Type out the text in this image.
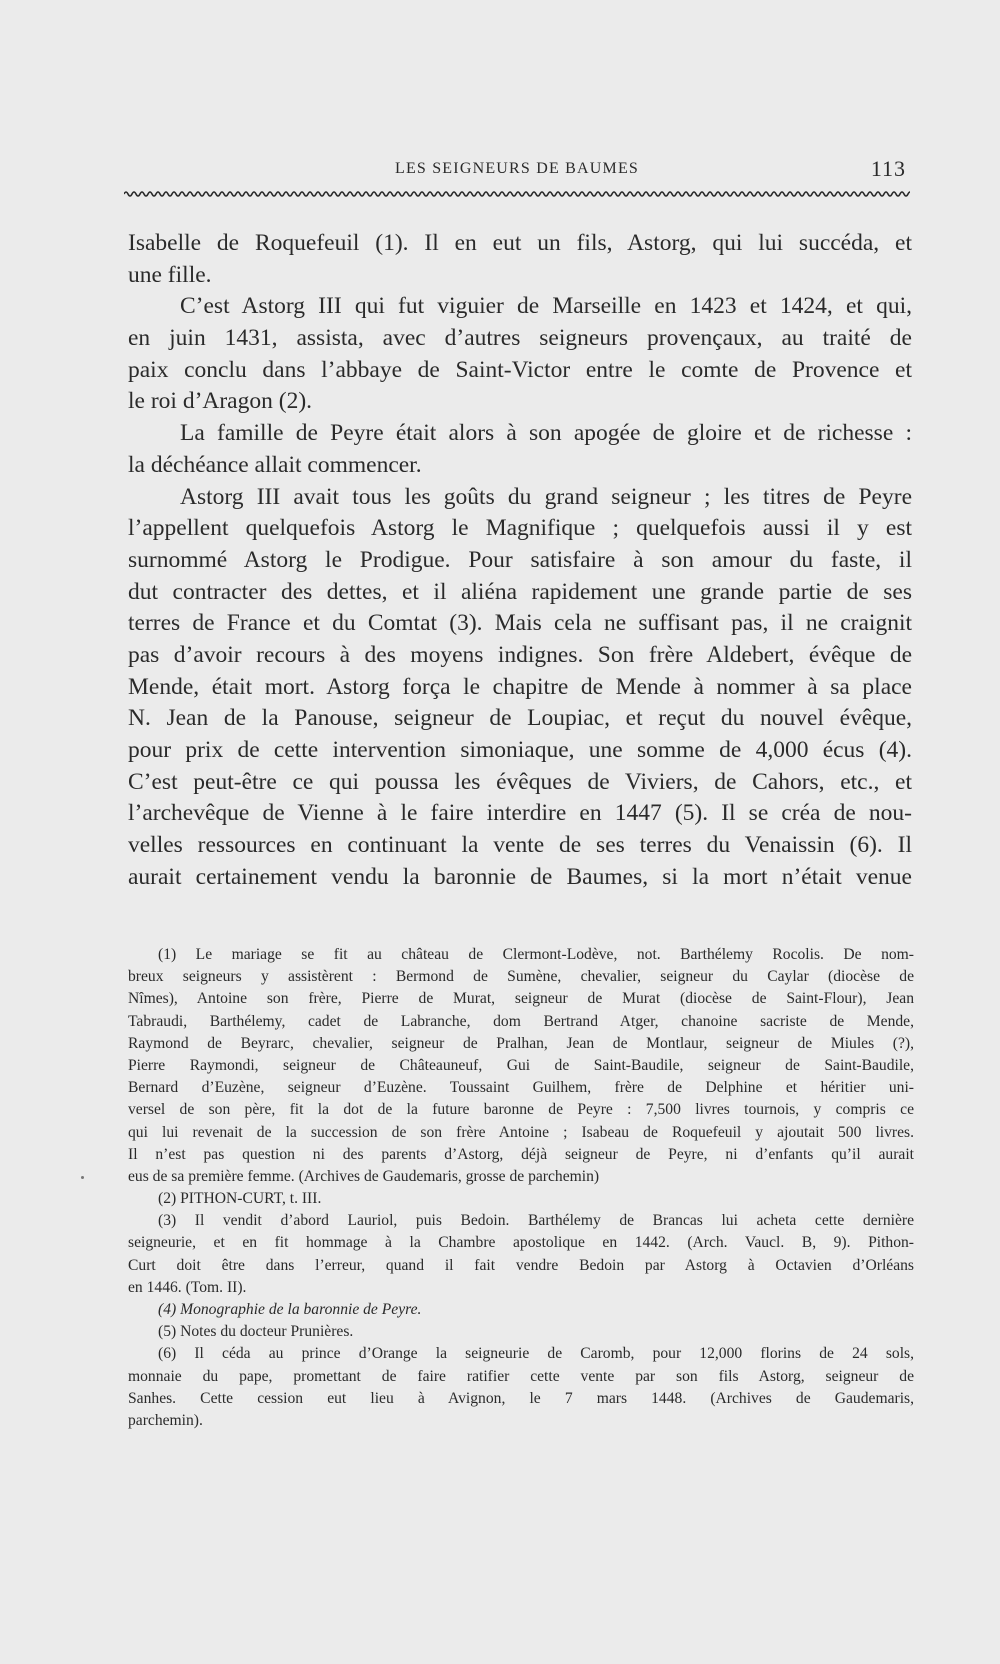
LES SEIGNEURS DE BAUMES	113
Isabelle de Roquefeuil (1). Il en eut un fils, Astorg, qui lui succéda, et
une fille.
C’est Astorg III qui fut viguier de Marseille en 1423 et 1424, et qui,
en juin 1431, assista, avec d’autres seigneurs provençaux, au traité de
paix conclu dans l’abbaye de Saint-Victor entre le comte de Provence et
le roi d’Aragon (2).
La famille de Peyre était alors à son apogée de gloire et de richesse :
la déchéance allait commencer.
Astorg III avait tous les goûts du grand seigneur ; les titres de Peyre
l’appellent quelquefois Astorg le Magnifique ; quelquefois aussi il y est
surnommé Astorg le Prodigue. Pour satisfaire à son amour du faste, il
dut contracter des dettes, et il aliéna rapidement une grande partie de ses
terres de France et du Comtat (3). Mais cela ne suffisant pas, il ne craignit
pas d’avoir recours à des moyens indignes. Son frère Aldebert, évêque de
Mende, était mort. Astorg força le chapitre de Mende à nommer à sa place
N. Jean de la Panouse, seigneur de Loupiac, et reçut du nouvel évêque,
pour prix de cette intervention simoniaque, une somme de 4,000 écus (4).
C’est peut-être ce qui poussa les évêques de Viviers, de Cahors, etc., et
l’archevêque de Vienne à le faire interdire en 1447 (5). Il se créa de nou-
velles ressources en continuant la vente de ses terres du Venaissin (6). Il
aurait certainement vendu la baronnie de Baumes, si la mort n’était venue
(1) Le mariage se fit au château de Clermont-Lodève, not. Barthélemy Rocolis. De nom-
breux seigneurs y assistèrent : Bermond de Sumène, chevalier, seigneur du Caylar (diocèse de
Nîmes), Antoine son frère, Pierre de Murat, seigneur de Murat (diocèse de Saint-Flour), Jean
Tabraudi, Barthélemy, cadet de Labranche, dom Bertrand Atger, chanoine sacriste de Mende,
Raymond de Beyrarc, chevalier, seigneur de Pralhan, Jean de Montlaur, seigneur de Miules (?),
Pierre Raymondi, seigneur de Châteauneuf, Gui de Saint-Baudile, seigneur de Saint-Baudile,
Bernard d’Euzène, seigneur d’Euzène. Toussaint Guilhem, frère de Delphine et héritier uni-
versel de son père, fit la dot de la future baronne de Peyre : 7,500 livres tournois, y compris ce
qui lui revenait de la succession de son frère Antoine ; Isabeau de Roquefeuil y ajoutait 500 livres.
Il n’est pas question ni des parents d’Astorg, déjà seigneur de Peyre, ni d’enfants qu’il aurait
eus de sa première femme. (Archives de Gaudemaris, grosse de parchemin)
(2) PITHON-CURT, t. III.
(3) Il vendit d’abord Lauriol, puis Bedoin. Barthélemy de Brancas lui acheta cette dernière
seigneurie, et en fit hommage à la Chambre apostolique en 1442. (Arch. Vaucl. B, 9). Pithon-
Curt doit être dans l’erreur, quand il fait vendre Bedoin par Astorg à Octavien d’Orléans
en 1446. (Tom. II).
(4) Monographie de la baronnie de Peyre.
(5) Notes du docteur Prunières.
(6) Il céda au prince d’Orange la seigneurie de Caromb, pour 12,000 florins de 24 sols,
monnaie du pape, promettant de faire ratifier cette vente par son fils Astorg, seigneur de
Sanhes. Cette cession eut lieu à Avignon, le 7 mars 1448. (Archives de Gaudemaris,
parchemin).
